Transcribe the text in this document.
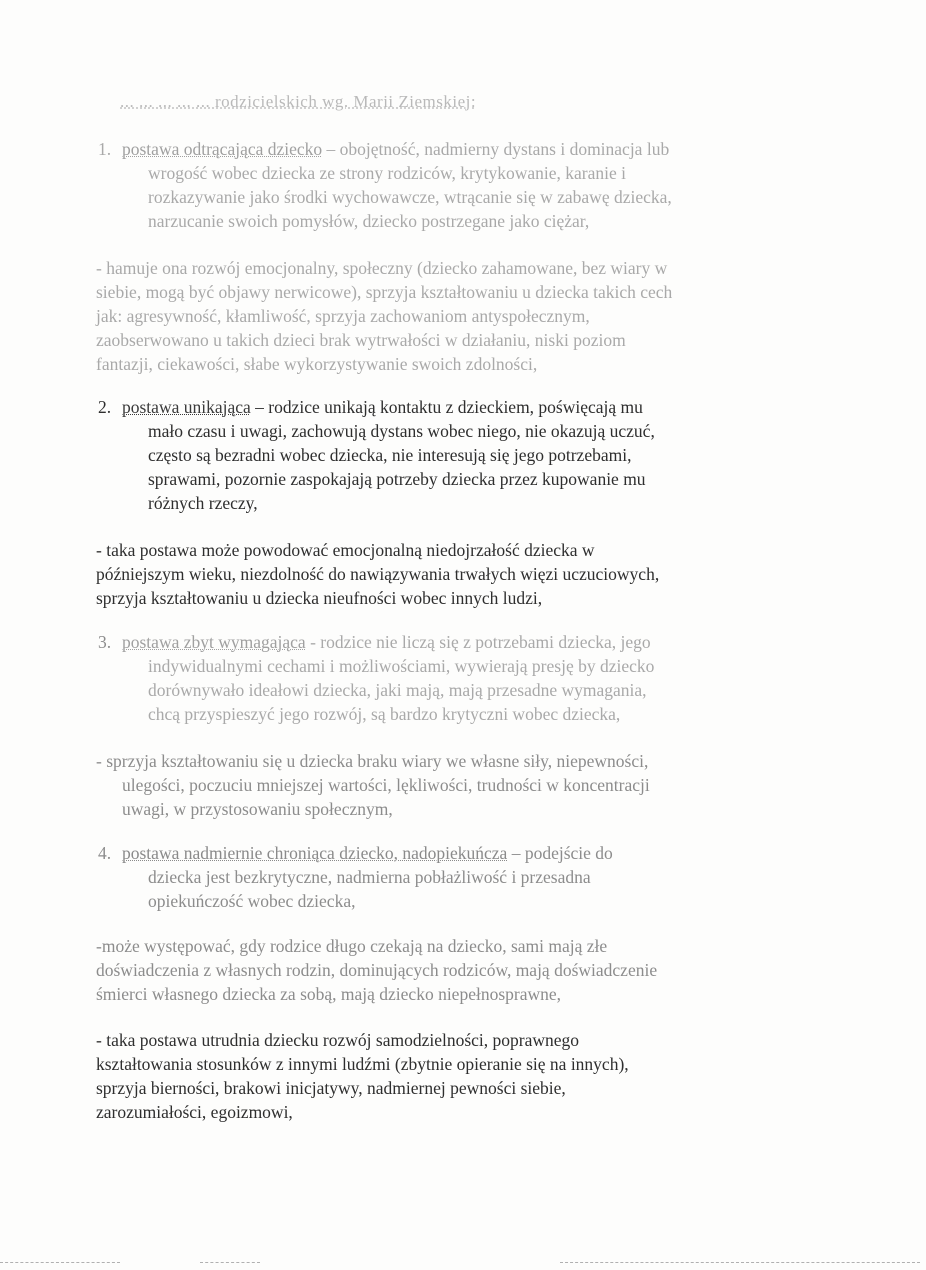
... ... ... ... ... rodzicielskich wg. Marii Ziemskiej:
1. postawa odtrącająca dziecko – obojętność, nadmierny dystans i dominacja lub
wrogość wobec dziecka ze strony rodziców, krytykowanie, karanie i
rozkazywanie jako środki wychowawcze, wtrącanie się w zabawę dziecka,
narzucanie swoich pomysłów, dziecko postrzegane jako ciężar,
- hamuje ona rozwój emocjonalny, społeczny (dziecko zahamowane, bez wiary w
siebie, mogą być objawy nerwicowe), sprzyja kształtowaniu u dziecka takich cech
jak: agresywność, kłamliwość, sprzyja zachowaniom antyspołecznym,
zaobserwowano u takich dzieci brak wytrwałości w działaniu, niski poziom
fantazji, ciekawości, słabe wykorzystywanie swoich zdolności,
2. postawa unikająca – rodzice unikają kontaktu z dzieckiem, poświęcają mu
mało czasu i uwagi, zachowują dystans wobec niego, nie okazują uczuć,
często są bezradni wobec dziecka, nie interesują się jego potrzebami,
sprawami, pozornie zaspokajają potrzeby dziecka przez kupowanie mu
różnych rzeczy,
- taka postawa może powodować emocjonalną niedojrzałość dziecka w
późniejszym wieku, niezdolność do nawiązywania trwałych więzi uczuciowych,
sprzyja kształtowaniu u dziecka nieufności wobec innych ludzi,
3. postawa zbyt wymagająca - rodzice nie liczą się z potrzebami dziecka, jego
indywidualnymi cechami i możliwościami, wywierają presję by dziecko
dorównywało ideałowi dziecka, jaki mają, mają przesadne wymagania,
chcą przyspieszyć jego rozwój, są bardzo krytyczni wobec dziecka,
- sprzyja kształtowaniu się u dziecka braku wiary we własne siły, niepewności,
ulegości, poczuciu mniejszej wartości, lękliwości, trudności w koncentracji
uwagi, w przystosowaniu społecznym,
4. postawa nadmiernie chroniąca dziecko, nadopiekuńcza – podejście do
dziecka jest bezkrytyczne, nadmierna pobłażliwość i przesadna
opiekuńczość wobec dziecka,
-może występować, gdy rodzice długo czekają na dziecko, sami mają złe
doświadczenia z własnych rodzin, dominujących rodziców, mają doświadczenie
śmierci własnego dziecka za sobą, mają dziecko niepełnosprawne,
- taka postawa utrudnia dziecku rozwój samodzielności, poprawnego
kształtowania stosunków z innymi ludźmi (zbytnie opieranie się na innych),
sprzyja bierności, brakowi inicjatywy, nadmiernej pewności siebie,
zarozumiałości, egoizmowi,
